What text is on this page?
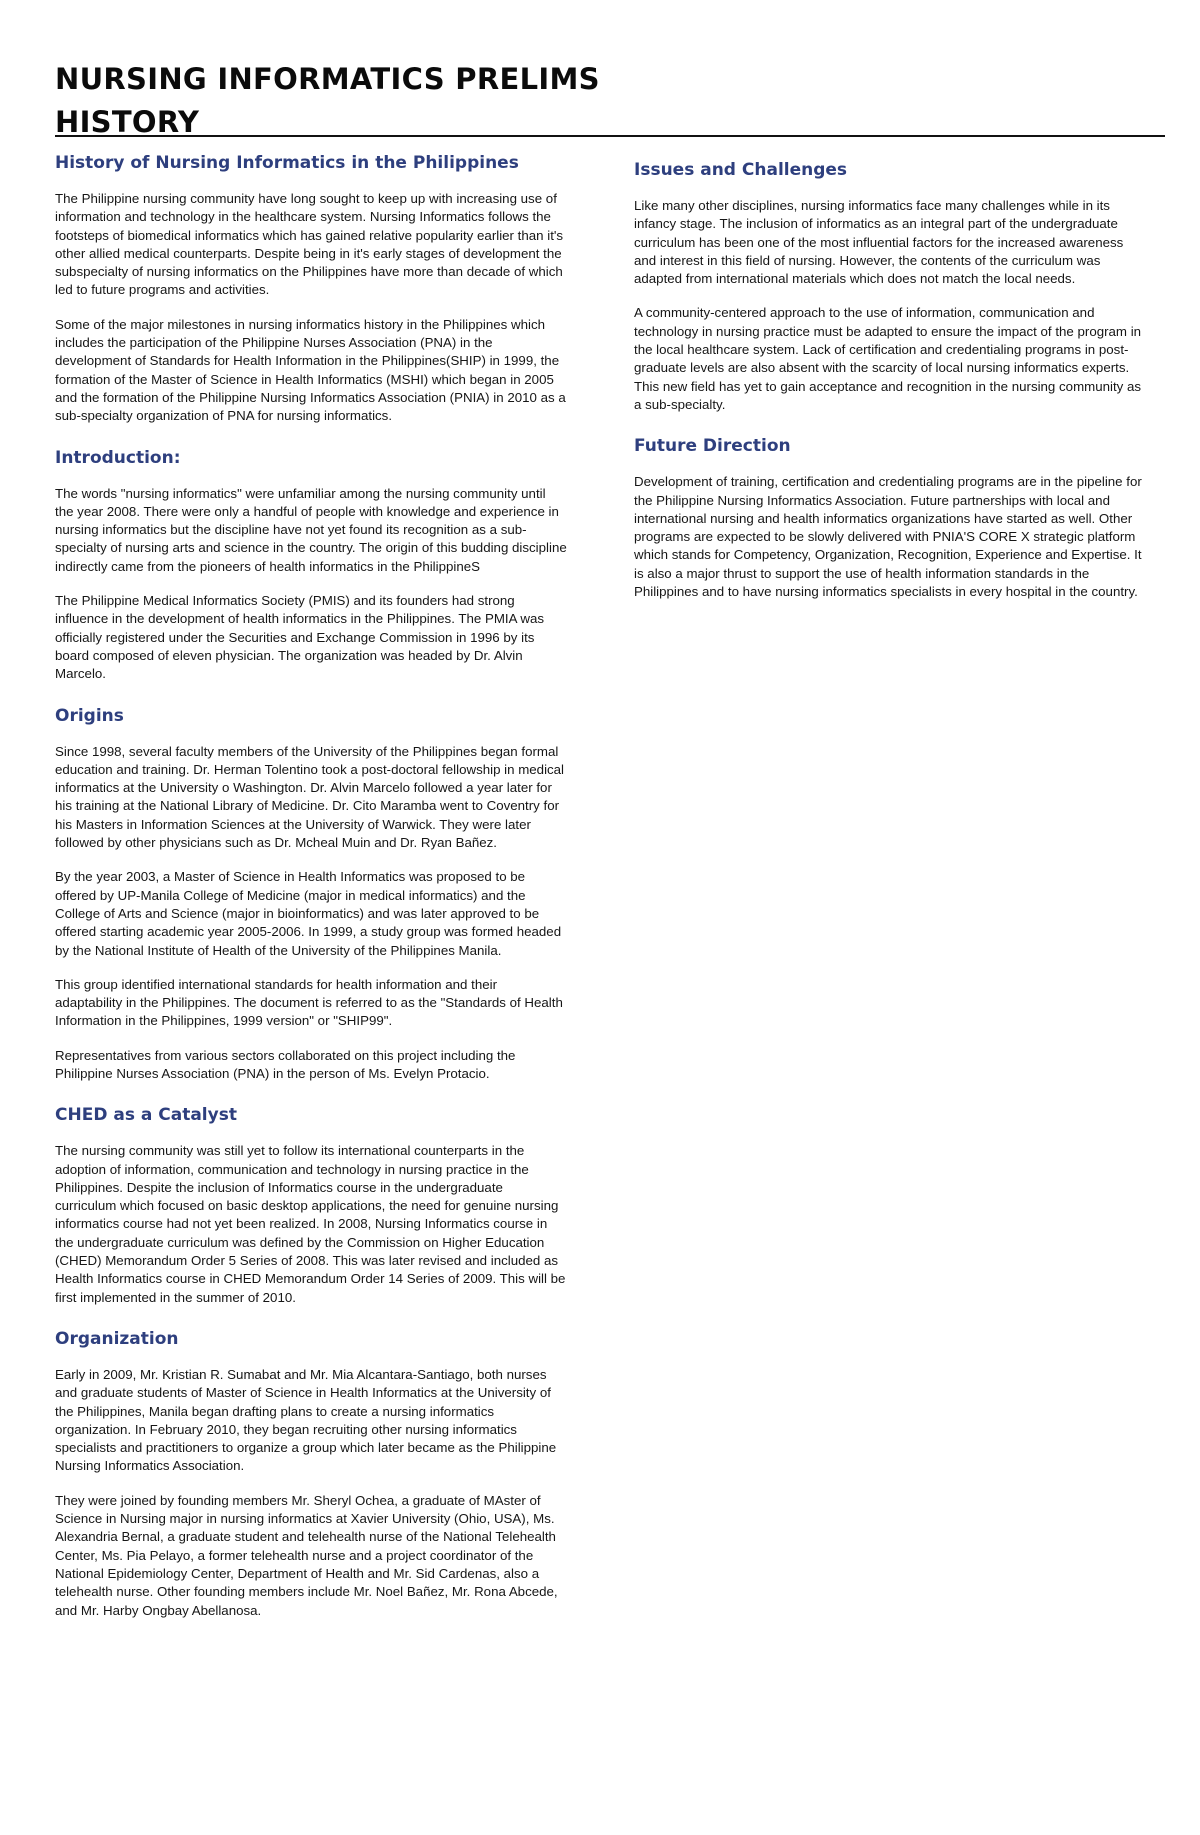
NURSING INFORMATICS PRELIMS
HISTORY
History of Nursing Informatics in the Philippines

The Philippine nursing community have long sought to keep up with increasing use of information and technology in the healthcare system. Nursing Informatics follows the footsteps of biomedical informatics which has gained relative popularity earlier than it's other allied medical counterparts. Despite being in it's early stages of development the subspecialty of nursing informatics on the Philippines have more than decade of which led to future programs and activities.

Some of the major milestones in nursing informatics history in the Philippines which includes the participation of the Philippine Nurses Association (PNA) in the development of Standards for Health Information in the Philippines(SHIP) in 1999, the formation of the Master of Science in Health Informatics (MSHI) which began in 2005 and the formation of the Philippine Nursing Informatics Association (PNIA) in 2010 as a sub-specialty organization of PNA for nursing informatics.

Introduction:

The words "nursing informatics" were unfamiliar among the nursing community until the year 2008. There were only a handful of people with knowledge and experience in nursing informatics but the discipline have not yet found its recognition as a sub-specialty of nursing arts and science in the country. The origin of this budding discipline indirectly came from the pioneers of health informatics in the PhilippineS

The Philippine Medical Informatics Society (PMIS) and its founders had strong influence in the development of health informatics in the Philippines. The PMIA was officially registered under the Securities and Exchange Commission in 1996 by its board composed of eleven physician. The organization was headed by Dr. Alvin Marcelo.

Origins

Since 1998, several faculty members of the University of the Philippines began formal education and training. Dr. Herman Tolentino took a post-doctoral fellowship in medical informatics at the University o Washington. Dr. Alvin Marcelo followed a year later for his training at the National Library of Medicine. Dr. Cito Maramba went to Coventry for his Masters in Information Sciences at the University of Warwick. They were later followed by other physicians such as Dr. Mcheal Muin and Dr. Ryan Bañez.

By the year 2003, a Master of Science in Health Informatics was proposed to be offered by UP-Manila College of Medicine (major in medical informatics) and the College of Arts and Science (major in bioinformatics) and was later approved to be offered starting academic year 2005-2006. In 1999, a study group was formed headed by the National Institute of Health of the University of the Philippines Manila.

This group identified international standards for health information and their adaptability in the Philippines. The document is referred to as the "Standards of Health Information in the Philippines, 1999 version" or "SHIP99".

Representatives from various sectors collaborated on this project including the Philippine Nurses Association (PNA) in the person of Ms. Evelyn Protacio.

CHED as a Catalyst

The nursing community was still yet to follow its international counterparts in the adoption of information, communication and technology in nursing practice in the Philippines. Despite the inclusion of Informatics course in the undergraduate curriculum which focused on basic desktop applications, the need for genuine nursing informatics course had not yet been realized. In 2008, Nursing Informatics course in the undergraduate curriculum was defined by the Commission on Higher Education (CHED) Memorandum Order 5 Series of 2008. This was later revised and included as Health Informatics course in CHED Memorandum Order 14 Series of 2009. This will be first implemented in the summer of 2010.

Organization

Early in 2009, Mr. Kristian R. Sumabat and Mr. Mia Alcantara-Santiago, both nurses and graduate students of Master of Science in Health Informatics at the University of the Philippines, Manila began drafting plans to create a nursing informatics organization. In February 2010, they began recruiting other nursing informatics specialists and practitioners to organize a group which later became as the Philippine Nursing Informatics Association.

They were joined by founding members Mr. Sheryl Ochea, a graduate of MAster of Science in Nursing major in nursing informatics at Xavier University (Ohio, USA), Ms. Alexandria Bernal, a graduate student and telehealth nurse of the National Telehealth Center, Ms. Pia Pelayo, a former telehealth nurse and a project coordinator of the National Epidemiology Center, Department of Health and Mr. Sid Cardenas, also a telehealth nurse. Other founding members include Mr. Noel Bañez, Mr. Rona Abcede, and Mr. Harby Ongbay Abellanosa.

Issues and Challenges

Like many other disciplines, nursing informatics face many challenges while in its infancy stage. The inclusion of informatics as an integral part of the undergraduate curriculum has been one of the most influential factors for the increased awareness and interest in this field of nursing. However, the contents of the curriculum was adapted from international materials which does not match the local needs.

A community-centered approach to the use of information, communication and technology in nursing practice must be adapted to ensure the impact of the program in the local healthcare system. Lack of certification and credentialing programs in post-graduate levels are also absent with the scarcity of local nursing informatics experts. This new field has yet to gain acceptance and recognition in the nursing community as a sub-specialty.

Future Direction

Development of training, certification and credentialing programs are in the pipeline for the Philippine Nursing Informatics Association. Future partnerships with local and international nursing and health informatics organizations have started as well. Other programs are expected to be slowly delivered with PNIA'S CORE X strategic platform which stands for Competency, Organization, Recognition, Experience and Expertise. It is also a major thrust to support the use of health information standards in the Philippines and to have nursing informatics specialists in every hospital in the country.
